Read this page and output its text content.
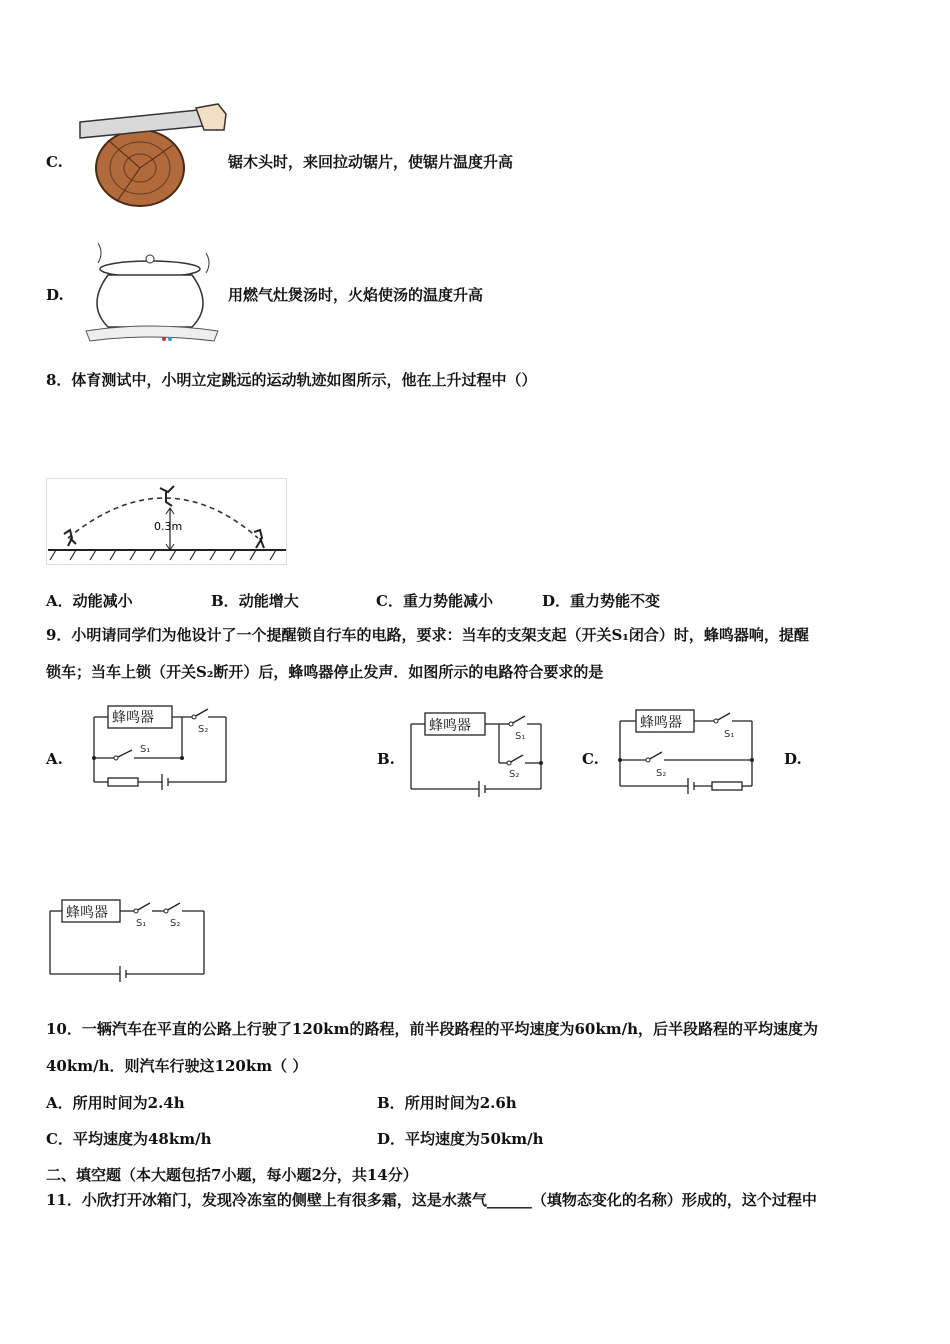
C.	锯木头时，来回拉动锯片，使锯片温度升高
D.	用燃气灶煲汤时，火焰使汤的温度升高
8．体育测试中，小明立定跳远的运动轨迹如图所示，他在上升过程中（）
0.3m
A．动能减小	B．动能增大	C．重力势能减小	D．重力势能不变
9．小明请同学们为他设计了一个提醒锁自行车的电路，要求：当车的支架支起（开关S₁闭合）时，蜂鸣器响，提醒
锁车；当车上锁（开关S₂断开）后，蜂鸣器停止发声．如图所示的电路符合要求的是
A.
蜂鸣器
S₂
S₁
B.
蜂鸣器
S₁
S₂
C.
蜂鸣器
S₁
S₂
D.
蜂鸣器
S₁ S₂
10．一辆汽车在平直的公路上行驶了120km的路程，前半段路程的平均速度为60km/h，后半段路程的平均速度为
40km/h．则汽车行驶这120km（ ）
A．所用时间为2.4h	B．所用时间为2.6h
C．平均速度为48km/h	D．平均速度为50km/h
二、填空题（本大题包括7小题，每小题2分，共14分）
11．小欣打开冰箱门，发现冷冻室的侧壁上有很多霜，这是水蒸气______（填物态变化的名称）形成的，这个过程中
